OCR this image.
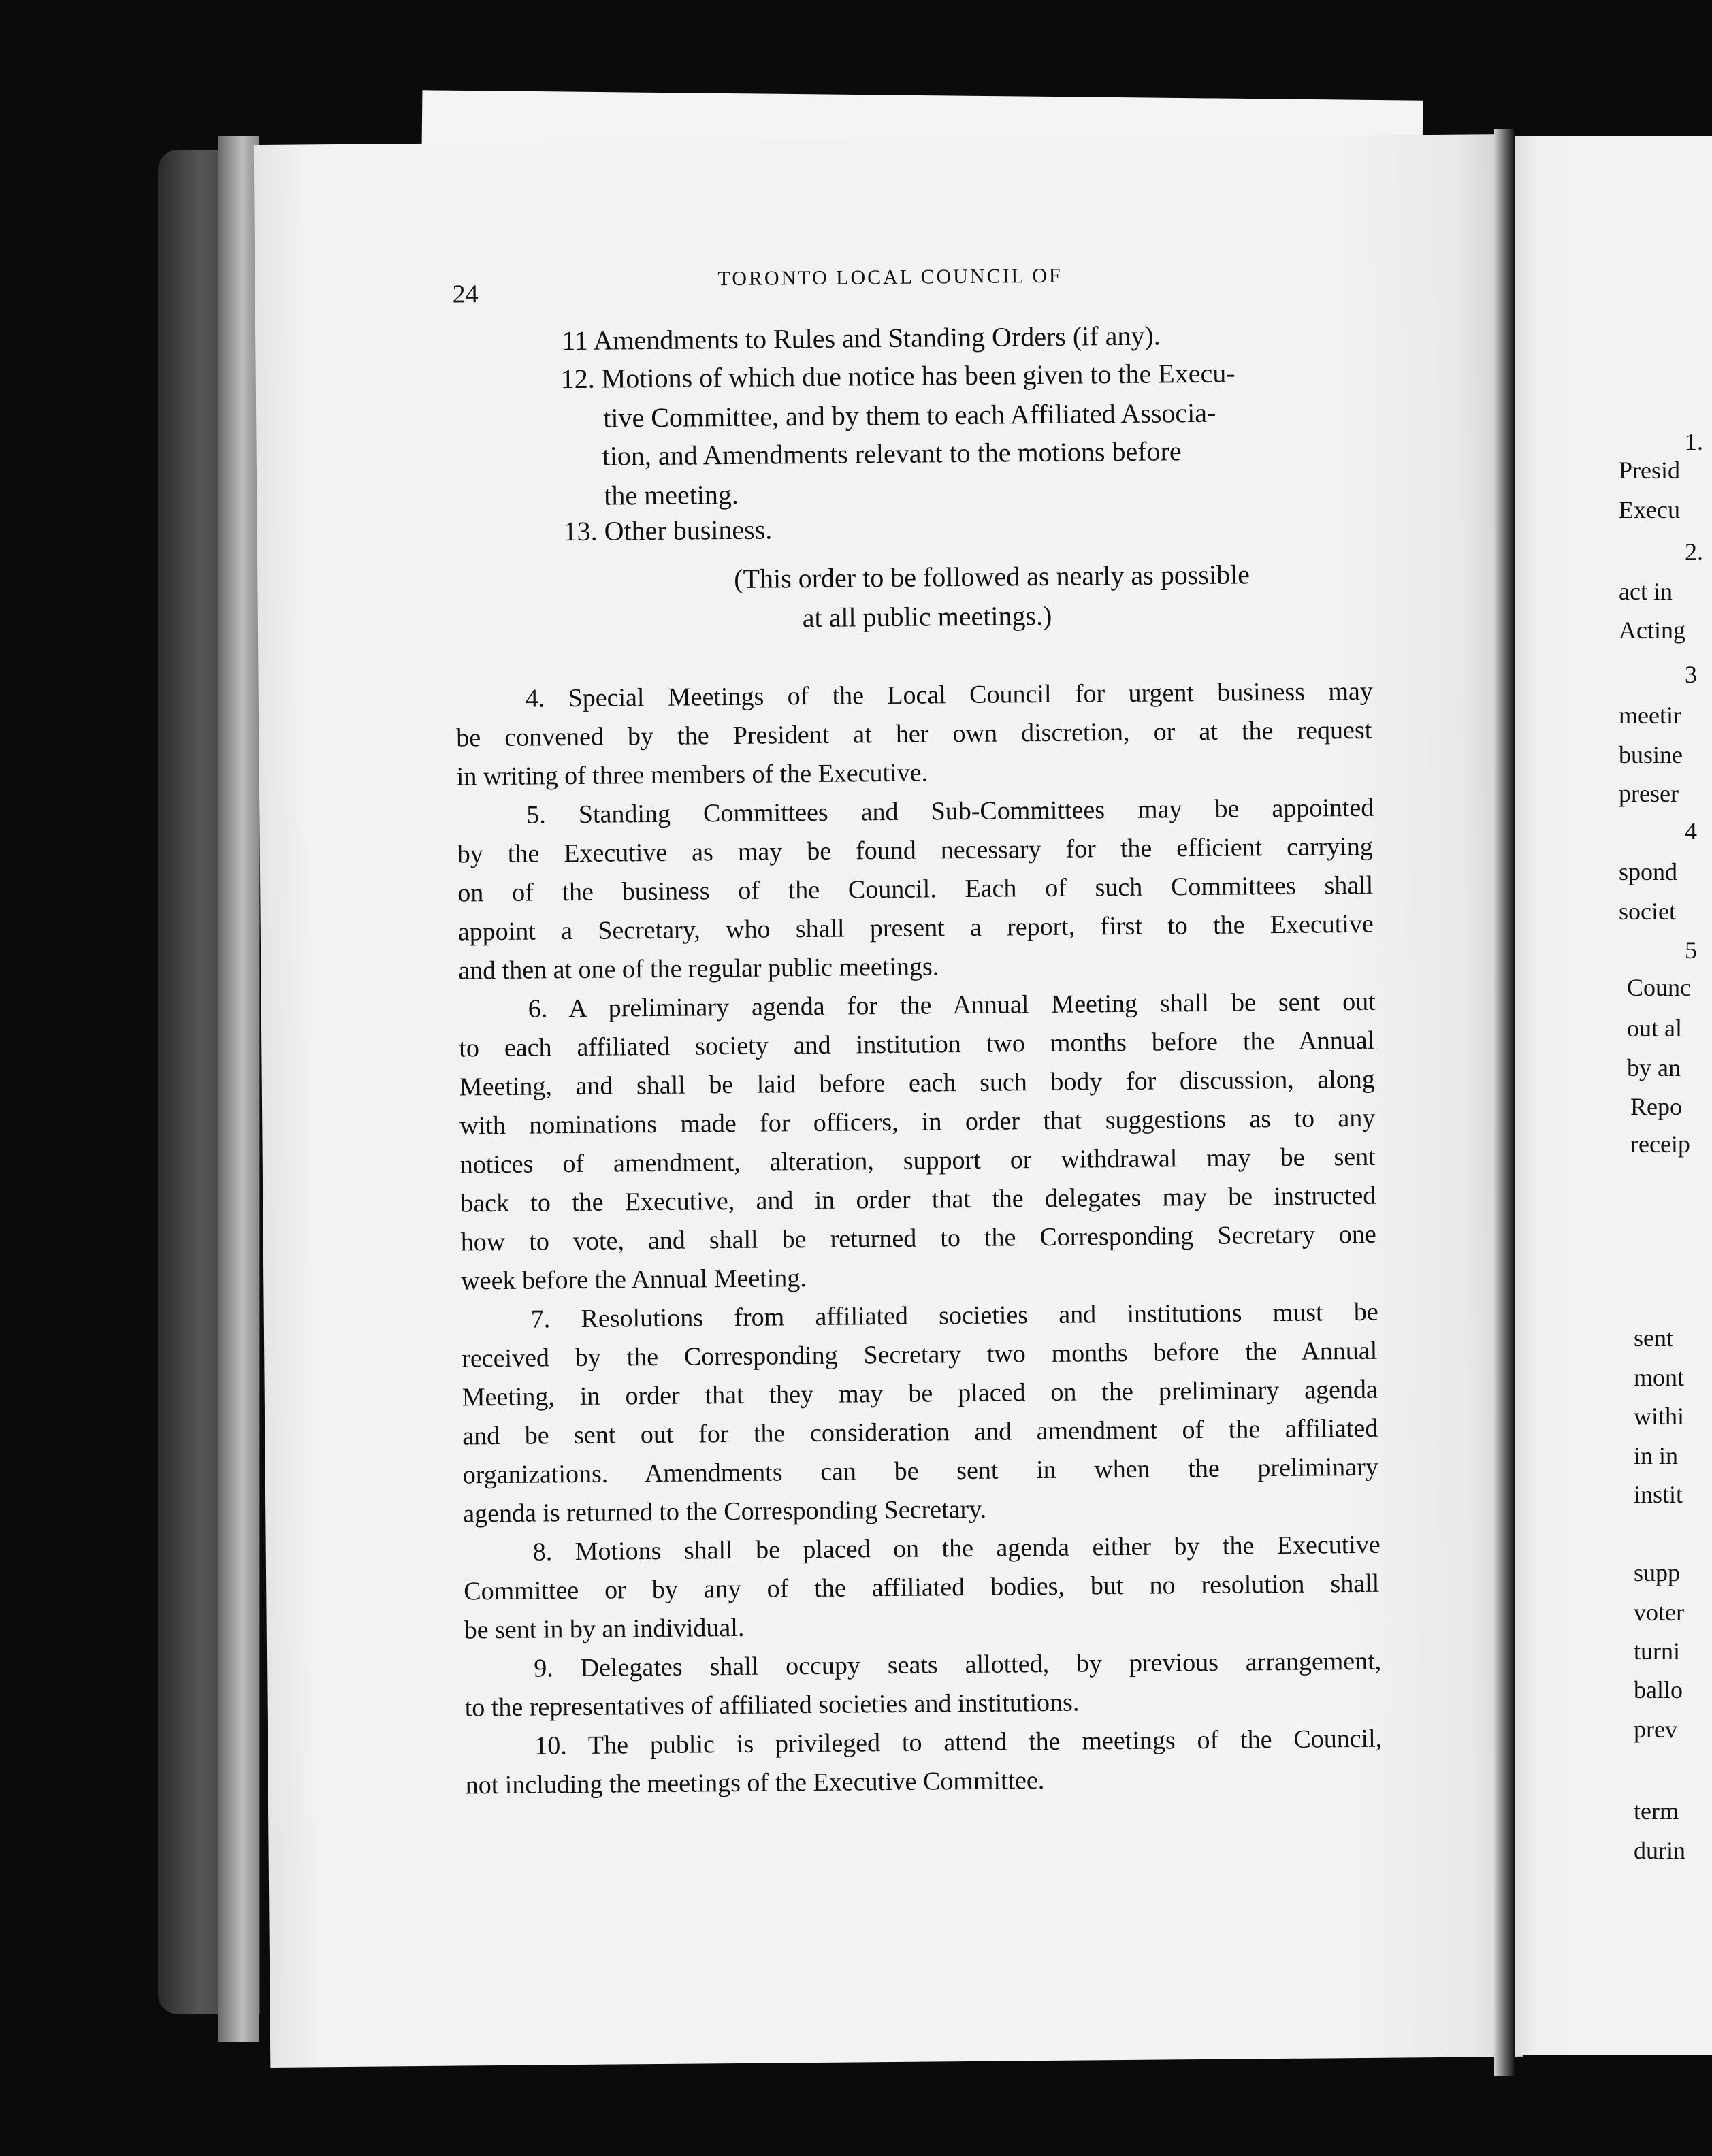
24
TORONTO LOCAL COUNCIL OF
11 Amendments to Rules and Standing Orders (if any).
12. Motions of which due notice has been given to the Execu-
tive Committee, and by them to each Affiliated Associa-
tion, and Amendments relevant to the motions before
the meeting.
13. Other business.
(This order to be followed as nearly as possible
at all public meetings.)
4. Special Meetings of the Local Council for urgent business may
be convened by the President at her own discretion, or at the request
in writing of three members of the Executive.
5. Standing Committees and Sub-Committees may be appointed
by the Executive as may be found necessary for the efficient carrying
on of the business of the Council. Each of such Committees shall
appoint a Secretary, who shall present a report, first to the Executive
and then at one of the regular public meetings.
6. A preliminary agenda for the Annual Meeting shall be sent out
to each affiliated society and institution two months before the Annual
Meeting, and shall be laid before each such body for discussion, along
with nominations made for officers, in order that suggestions as to any
notices of amendment, alteration, support or withdrawal may be sent
back to the Executive, and in order that the delegates may be instructed
how to vote, and shall be returned to the Corresponding Secretary one
week before the Annual Meeting.
7. Resolutions from affiliated societies and institutions must be
received by the Corresponding Secretary two months before the Annual
Meeting, in order that they may be placed on the preliminary agenda
and be sent out for the consideration and amendment of the affiliated
organizations. Amendments can be sent in when the preliminary
agenda is returned to the Corresponding Secretary.
8. Motions shall be placed on the agenda either by the Executive
Committee or by any of the affiliated bodies, but no resolution shall
be sent in by an individual.
9. Delegates shall occupy seats allotted, by previous arrangement,
to the representatives of affiliated societies and institutions.
10. The public is privileged to attend the meetings of the Council,
not including the meetings of the Executive Committee.
1.
Presid
Execu
2.
act in
Acting
3
meetir
busine
preser
4
spond
societ
5
Counc
out al
by an
Repo
receip
sent
mont
withi
in in
instit
supp
voter
turni
ballo
prev
term
durin
